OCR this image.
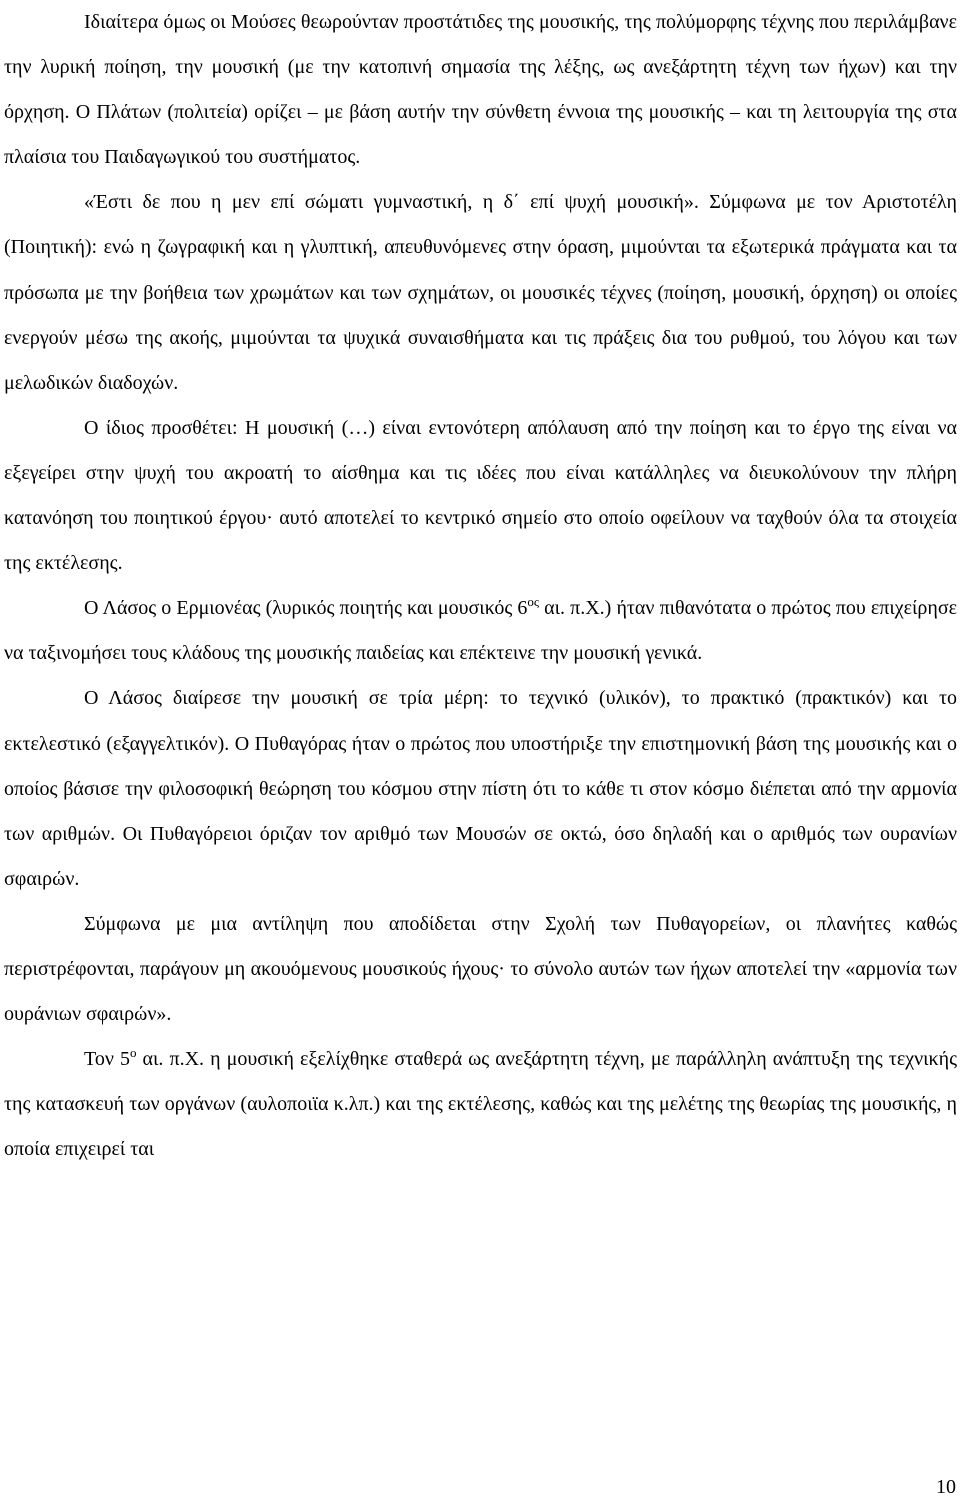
Ιδιαίτερα όμως οι Μούσες θεωρούνταν προστάτιδες της μουσικής, της πολύμορφης τέχνης που περιλάμβανε την λυρική ποίηση, την μουσική (με την κατοπινή σημασία της λέξης, ως ανεξάρτητη τέχνη των ήχων) και την όρχηση. Ο Πλάτων (πολιτεία) ορίζει – με βάση αυτήν την σύνθετη έννοια της μουσικής – και τη λειτουργία της στα πλαίσια του Παιδαγωγικού του συστήματος.

«Έστι δε που η μεν επί σώματι γυμναστική, η δ΄ επί ψυχή μουσική». Σύμφωνα με τον Αριστοτέλη (Ποιητική): ενώ η ζωγραφική και η γλυπτική, απευθυνόμενες στην όραση, μιμούνται τα εξωτερικά πράγματα και τα πρόσωπα με την βοήθεια των χρωμάτων και των σχημάτων, οι μουσικές τέχνες (ποίηση, μουσική, όρχηση) οι οποίες ενεργούν μέσω της ακοής, μιμούνται τα ψυχικά συναισθήματα και τις πράξεις δια του ρυθμού, του λόγου και των μελωδικών διαδοχών.

Ο ίδιος προσθέτει: Η μουσική (…) είναι εντονότερη απόλαυση από την ποίηση και το έργο της είναι να εξεγείρει στην ψυχή του ακροατή το αίσθημα και τις ιδέες που είναι κατάλληλες να διευκολύνουν την πλήρη κατανόηση του ποιητικού έργου· αυτό αποτελεί το κεντρικό σημείο στο οποίο οφείλουν να ταχθούν όλα τα στοιχεία της εκτέλεσης.

Ο Λάσος ο Ερμιονέας (λυρικός ποιητής και μουσικός $6^{o\varsigma}$ αι. π.Χ.) ήταν πιθανότατα ο πρώτος που επιχείρησε να ταξινομήσει τους κλάδους της μουσικής παιδείας και επέκτεινε την μουσική γενικά.

Ο Λάσος διαίρεσε την μουσική σε τρία μέρη: το τεχνικό (υλικόν), το πρακτικό (πρακτικόν) και το εκτελεστικό (εξαγγελτικόν). Ο Πυθαγόρας ήταν ο πρώτος που υποστήριξε την επιστημονική βάση της μουσικής και ο οποίος βάσισε την φιλοσοφική θεώρηση του κόσμου στην πίστη ότι το κάθε τι στον κόσμο διέπεται από την αρμονία των αριθμών. Οι Πυθαγόρειοι όριζαν τον αριθμό των Μουσών σε οκτώ, όσο δηλαδή και ο αριθμός των ουρανίων σφαιρών.

Σύμφωνα με μια αντίληψη που αποδίδεται στην Σχολή των Πυθαγορείων, οι πλανήτες καθώς περιστρέφονται, παράγουν μη ακουόμενους μουσικούς ήχους· το σύνολο αυτών των ήχων αποτελεί την «αρμονία των ουράνιων σφαιρών».

Τον $5^o$ αι. π.Χ. η μουσική εξελίχθηκε σταθερά ως ανεξάρτητη τέχνη, με παράλληλη ανάπτυξη της τεχνικής της κατασκευή των οργάνων (αυλοποιϊα κ.λπ.) και της εκτέλεσης, καθώς και της μελέτης της θεωρίας της μουσικής, η οποία επιχειρεί ται

10
